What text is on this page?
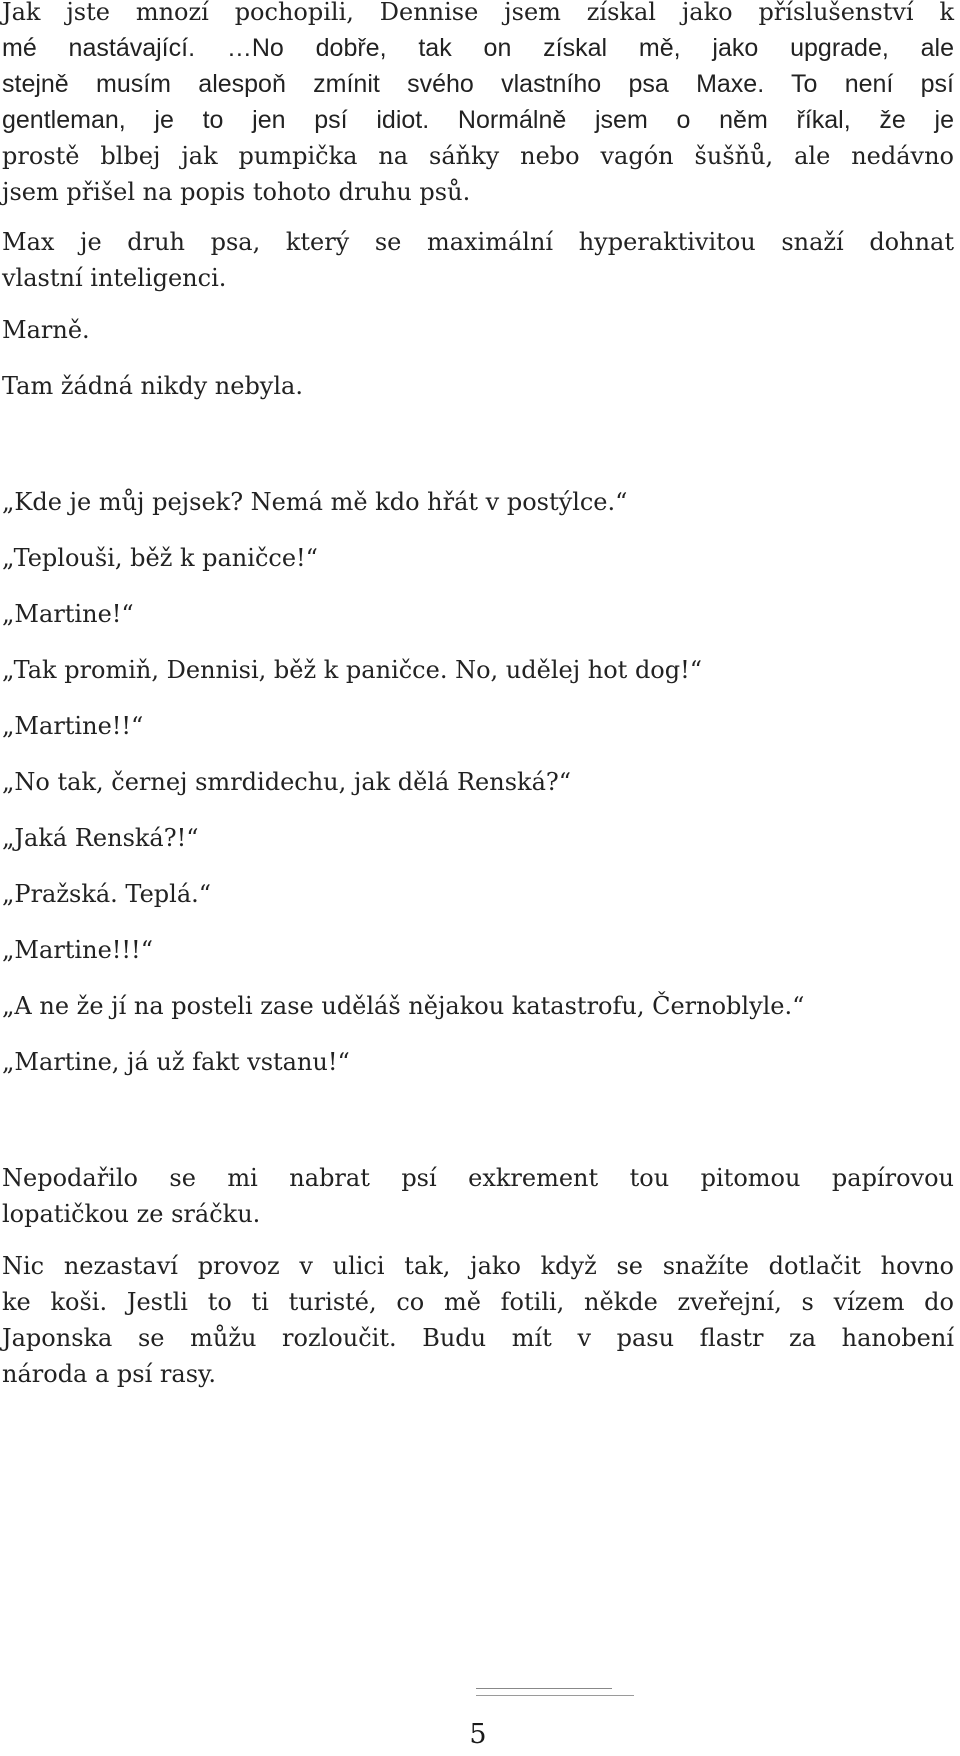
Jak jste mnozí pochopili, Dennise jsem získal jako příslušenství k
mé nastávající. …No dobře, tak on získal mě, jako upgrade, ale
stejně musím alespoň zmínit svého vlastního psa Maxe. To není psí
gentleman, je to jen psí idiot. Normálně jsem o něm říkal, že je
prostě blbej jak pumpička na sáňky nebo vagón šušňů, ale nedávno
jsem přišel na popis tohoto druhu psů.
Max je druh psa, který se maximální hyperaktivitou snaží dohnat
vlastní inteligenci.
Marně.
Tam žádná nikdy nebyla.
„Kde je můj pejsek? Nemá mě kdo hřát v postýlce.“
„Teplouši, běž k paničce!“
„Martine!“
„Tak promiň, Dennisi, běž k paničce. No, udělej hot dog!“
„Martine!!“
„No tak, černej smrdidechu, jak dělá Renská?“
„Jaká Renská?!“
„Pražská. Teplá.“
„Martine!!!“
„A ne že jí na posteli zase uděláš nějakou katastrofu, Černoblyle.“
„Martine, já už fakt vstanu!“
Nepodařilo se mi nabrat psí exkrement tou pitomou papírovou
lopatičkou ze sráčku.
Nic nezastaví provoz v ulici tak, jako když se snažíte dotlačit hovno
ke koši. Jestli to ti turisté, co mě fotili, někde zveřejní, s vízem do
Japonska se můžu rozloučit. Budu mít v pasu flastr za hanobení
národa a psí rasy.
5
